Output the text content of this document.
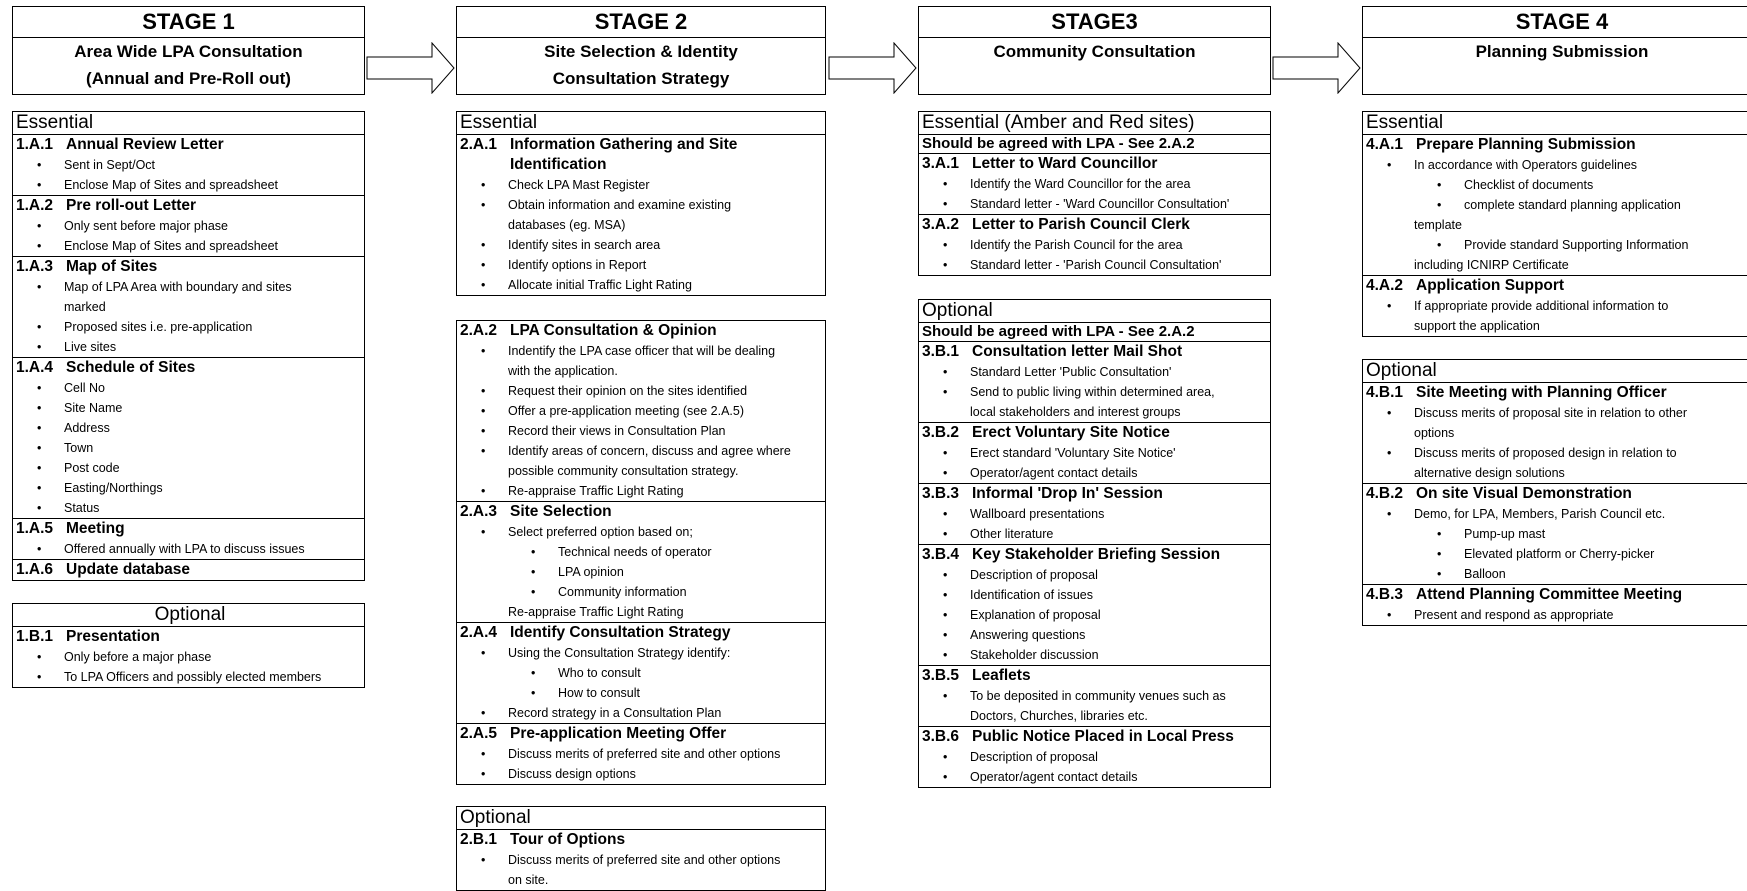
STAGE 1
Area Wide LPA Consultation
(Annual and Pre-Roll out)
STAGE 2
Site Selection & Identity
Consultation Strategy
STAGE3
Community Consultation
STAGE 4
Planning Submission
Essential
1.A.1 Annual Review Letter
• Sent in Sept/Oct
• Enclose Map of Sites and spreadsheet
1.A.2 Pre roll-out Letter
• Only sent before major phase
• Enclose Map of Sites and spreadsheet
1.A.3 Map of Sites
• Map of LPA Area with boundary and sites
marked
• Proposed sites i.e. pre-application
• Live sites
1.A.4 Schedule of Sites
• Cell No
• Site Name
• Address
• Town
• Post code
• Easting/Northings
• Status
1.A.5 Meeting
• Offered annually with LPA to discuss issues
1.A.6 Update database
Optional
1.B.1 Presentation
• Only before a major phase
• To LPA Officers and possibly elected members
Essential
2.A.1 Information Gathering and Site
Identification
• Check LPA Mast Register
• Obtain information and examine existing
databases (eg. MSA)
• Identify sites in search area
• Identify options in Report
• Allocate initial Traffic Light Rating
2.A.2 LPA Consultation & Opinion
• Indentify the LPA case officer that will be dealing
with the application.
• Request their opinion on the sites identified
• Offer a pre-application meeting (see 2.A.5)
• Record their views in Consultation Plan
• Identify areas of concern, discuss and agree where
possible community consultation strategy.
• Re-appraise Traffic Light Rating
2.A.3 Site Selection
• Select preferred option based on;
• Technical needs of operator
• LPA opinion
• Community information
Re-appraise Traffic Light Rating
2.A.4 Identify Consultation Strategy
• Using the Consultation Strategy identify:
• Who to consult
• How to consult
• Record strategy in a Consultation Plan
2.A.5 Pre-application Meeting Offer
• Discuss merits of preferred site and other options
• Discuss design options
Optional
2.B.1 Tour of Options
• Discuss merits of preferred site and other options
on site.
Essential (Amber and Red sites)
Should be agreed with LPA - See 2.A.2
3.A.1 Letter to Ward Councillor
• Identify the Ward Councillor for the area
• Standard letter - 'Ward Councillor Consultation'
3.A.2 Letter to Parish Council Clerk
• Identify the Parish Council for the area
• Standard letter - 'Parish Council Consultation'
Optional
Should be agreed with LPA - See 2.A.2
3.B.1 Consultation letter Mail Shot
• Standard Letter 'Public Consultation'
• Send to public living within determined area,
local stakeholders and interest groups
3.B.2 Erect Voluntary Site Notice
• Erect standard 'Voluntary Site Notice'
• Operator/agent contact details
3.B.3 Informal 'Drop In' Session
• Wallboard presentations
• Other literature
3.B.4 Key Stakeholder Briefing Session
• Description of proposal
• Identification of issues
• Explanation of proposal
• Answering questions
• Stakeholder discussion
3.B.5 Leaflets
• To be deposited in community venues such as
Doctors, Churches, libraries etc.
3.B.6 Public Notice Placed in Local Press
• Description of proposal
• Operator/agent contact details
Essential
4.A.1 Prepare Planning Submission
• In accordance with Operators guidelines
• Checklist of documents
• complete standard planning application
template
• Provide standard Supporting Information
including ICNIRP Certificate
4.A.2 Application Support
• If appropriate provide additional information to
support the application
Optional
4.B.1 Site Meeting with Planning Officer
• Discuss merits of proposal site in relation to other
options
• Discuss merits of proposed design in relation to
alternative design solutions
4.B.2 On site Visual Demonstration
• Demo, for LPA, Members, Parish Council etc.
• Pump-up mast
• Elevated platform or Cherry-picker
• Balloon
4.B.3 Attend Planning Committee Meeting
• Present and respond as appropriate
